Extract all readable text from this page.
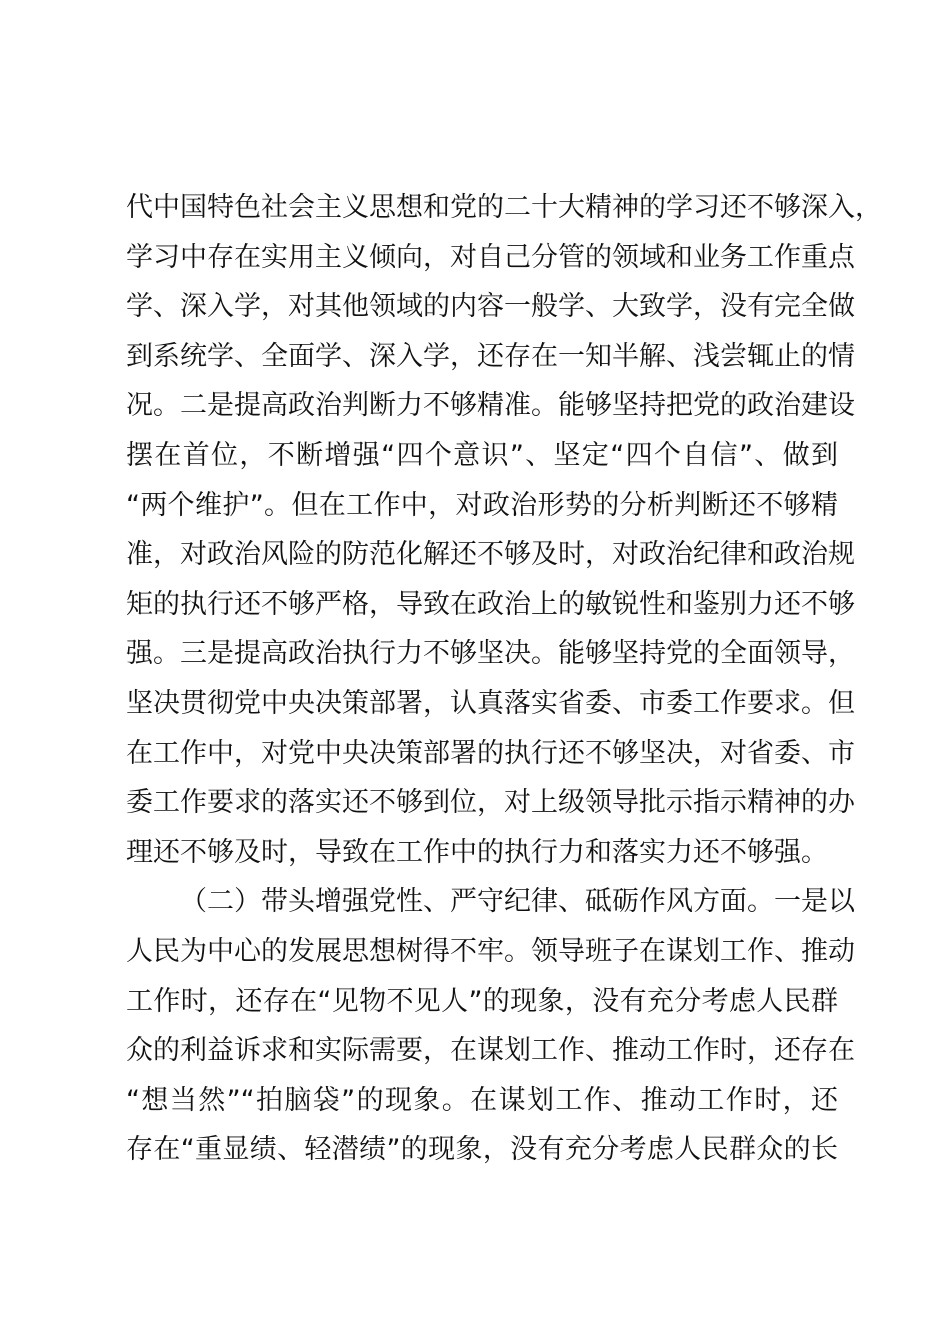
代中国特色社会主义思想和党的二十大精神的学习还不够深入，
学习中存在实用主义倾向，对自己分管的领域和业务工作重点
学、深入学，对其他领域的内容一般学、大致学，没有完全做
到系统学、全面学、深入学，还存在一知半解、浅尝辄止的情
况。二是提高政治判断力不够精准。能够坚持把党的政治建设
摆在首位，不断增强“四个意识”、坚定“四个自信”、做到
“两个维护”。但在工作中，对政治形势的分析判断还不够精
准，对政治风险的防范化解还不够及时，对政治纪律和政治规
矩的执行还不够严格，导致在政治上的敏锐性和鉴别力还不够
强。三是提高政治执行力不够坚决。能够坚持党的全面领导，
坚决贯彻党中央决策部署，认真落实省委、市委工作要求。但
在工作中，对党中央决策部署的执行还不够坚决，对省委、市
委工作要求的落实还不够到位，对上级领导批示指示精神的办
理还不够及时，导致在工作中的执行力和落实力还不够强。
（二）带头增强党性、严守纪律、砥砺作风方面。一是以
人民为中心的发展思想树得不牢。领导班子在谋划工作、推动
工作时，还存在“见物不见人”的现象，没有充分考虑人民群
众的利益诉求和实际需要，在谋划工作、推动工作时，还存在
“想当然”“拍脑袋”的现象。在谋划工作、推动工作时，还
存在“重显绩、轻潜绩”的现象，没有充分考虑人民群众的长
